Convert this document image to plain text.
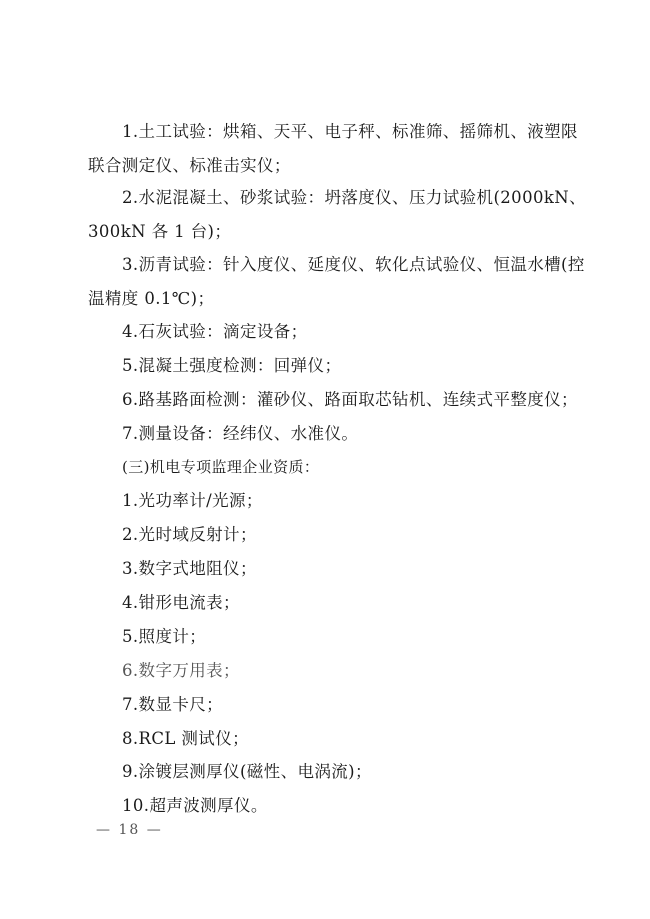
1.土工试验：烘箱、天平、电子秤、标准筛、摇筛机、液塑限联合测定仪、标准击实仪；

2.水泥混凝土、砂浆试验：坍落度仪、压力试验机(2000kN、300kN 各 1 台)；

3.沥青试验：针入度仪、延度仪、软化点试验仪、恒温水槽(控温精度 0.1℃)；

4.石灰试验：滴定设备；

5.混凝土强度检测：回弹仪；

6.路基路面检测：灌砂仪、路面取芯钻机、连续式平整度仪；

7.测量设备：经纬仪、水准仪。

(三)机电专项监理企业资质：

1.光功率计/光源；

2.光时域反射计；

3.数字式地阻仪；

4.钳形电流表；

5.照度计；

6.数字万用表；

7.数显卡尺；

8.RCL 测试仪；

9.涂镀层测厚仪(磁性、电涡流)；

10.超声波测厚仪。

— 18 —
